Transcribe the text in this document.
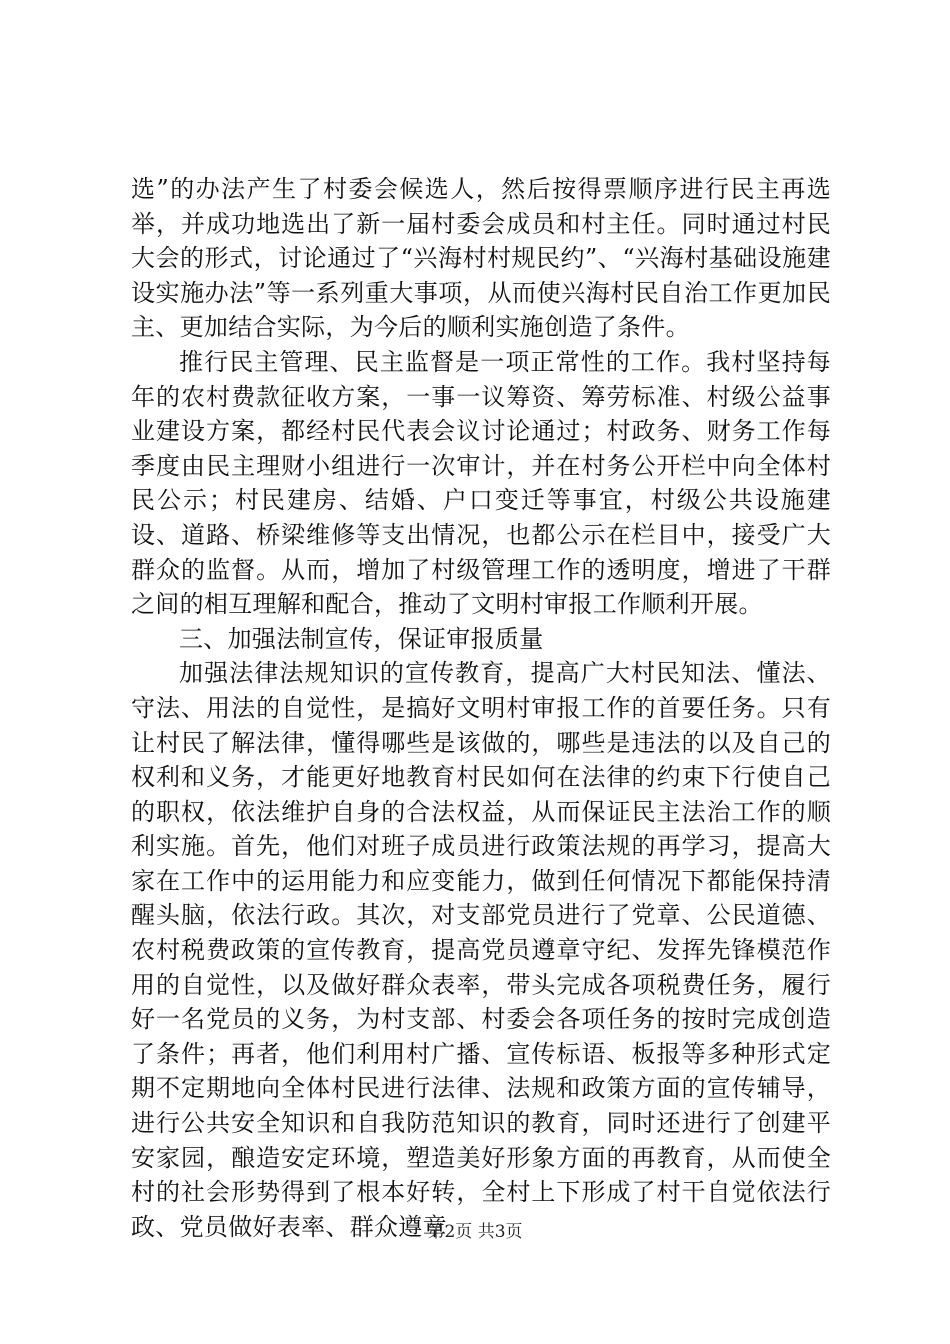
选”的办法产生了村委会候选人，然后按得票顺序进行民主再选举，并成功地选出了新一届村委会成员和村主任。同时通过村民大会的形式，讨论通过了“兴海村村规民约”、“兴海村基础设施建设实施办法”等一系列重大事项，从而使兴海村民自治工作更加民主、更加结合实际，为今后的顺利实施创造了条件。

推行民主管理、民主监督是一项正常性的工作。我村坚持每年的农村费款征收方案，一事一议筹资、筹劳标准、村级公益事业建设方案，都经村民代表会议讨论通过；村政务、财务工作每季度由民主理财小组进行一次审计，并在村务公开栏中向全体村民公示；村民建房、结婚、户口变迁等事宜，村级公共设施建设、道路、桥梁维修等支出情况，也都公示在栏目中，接受广大群众的监督。从而，增加了村级管理工作的透明度，增进了干群之间的相互理解和配合，推动了文明村审报工作顺利开展。

三、加强法制宣传，保证审报质量

加强法律法规知识的宣传教育，提高广大村民知法、懂法、守法、用法的自觉性，是搞好文明村审报工作的首要任务。只有让村民了解法律，懂得哪些是该做的，哪些是违法的以及自己的权利和义务，才能更好地教育村民如何在法律的约束下行使自己的职权，依法维护自身的合法权益，从而保证民主法治工作的顺利实施。首先，他们对班子成员进行政策法规的再学习，提高大家在工作中的运用能力和应变能力，做到任何情况下都能保持清醒头脑，依法行政。其次，对支部党员进行了党章、公民道德、农村税费政策的宣传教育，提高党员遵章守纪、发挥先锋模范作用的自觉性，以及做好群众表率，带头完成各项税费任务，履行好一名党员的义务，为村支部、村委会各项任务的按时完成创造了条件；再者，他们利用村广播、宣传标语、板报等多种形式定期不定期地向全体村民进行法律、法规和政策方面的宣传辅导，进行公共安全知识和自我防范知识的教育，同时还进行了创建平安家园，酿造安定环境，塑造美好形象方面的再教育，从而使全村的社会形势得到了根本好转，全村上下形成了村干自觉依法行政、党员做好表率、群众遵章

第2页 共3页
